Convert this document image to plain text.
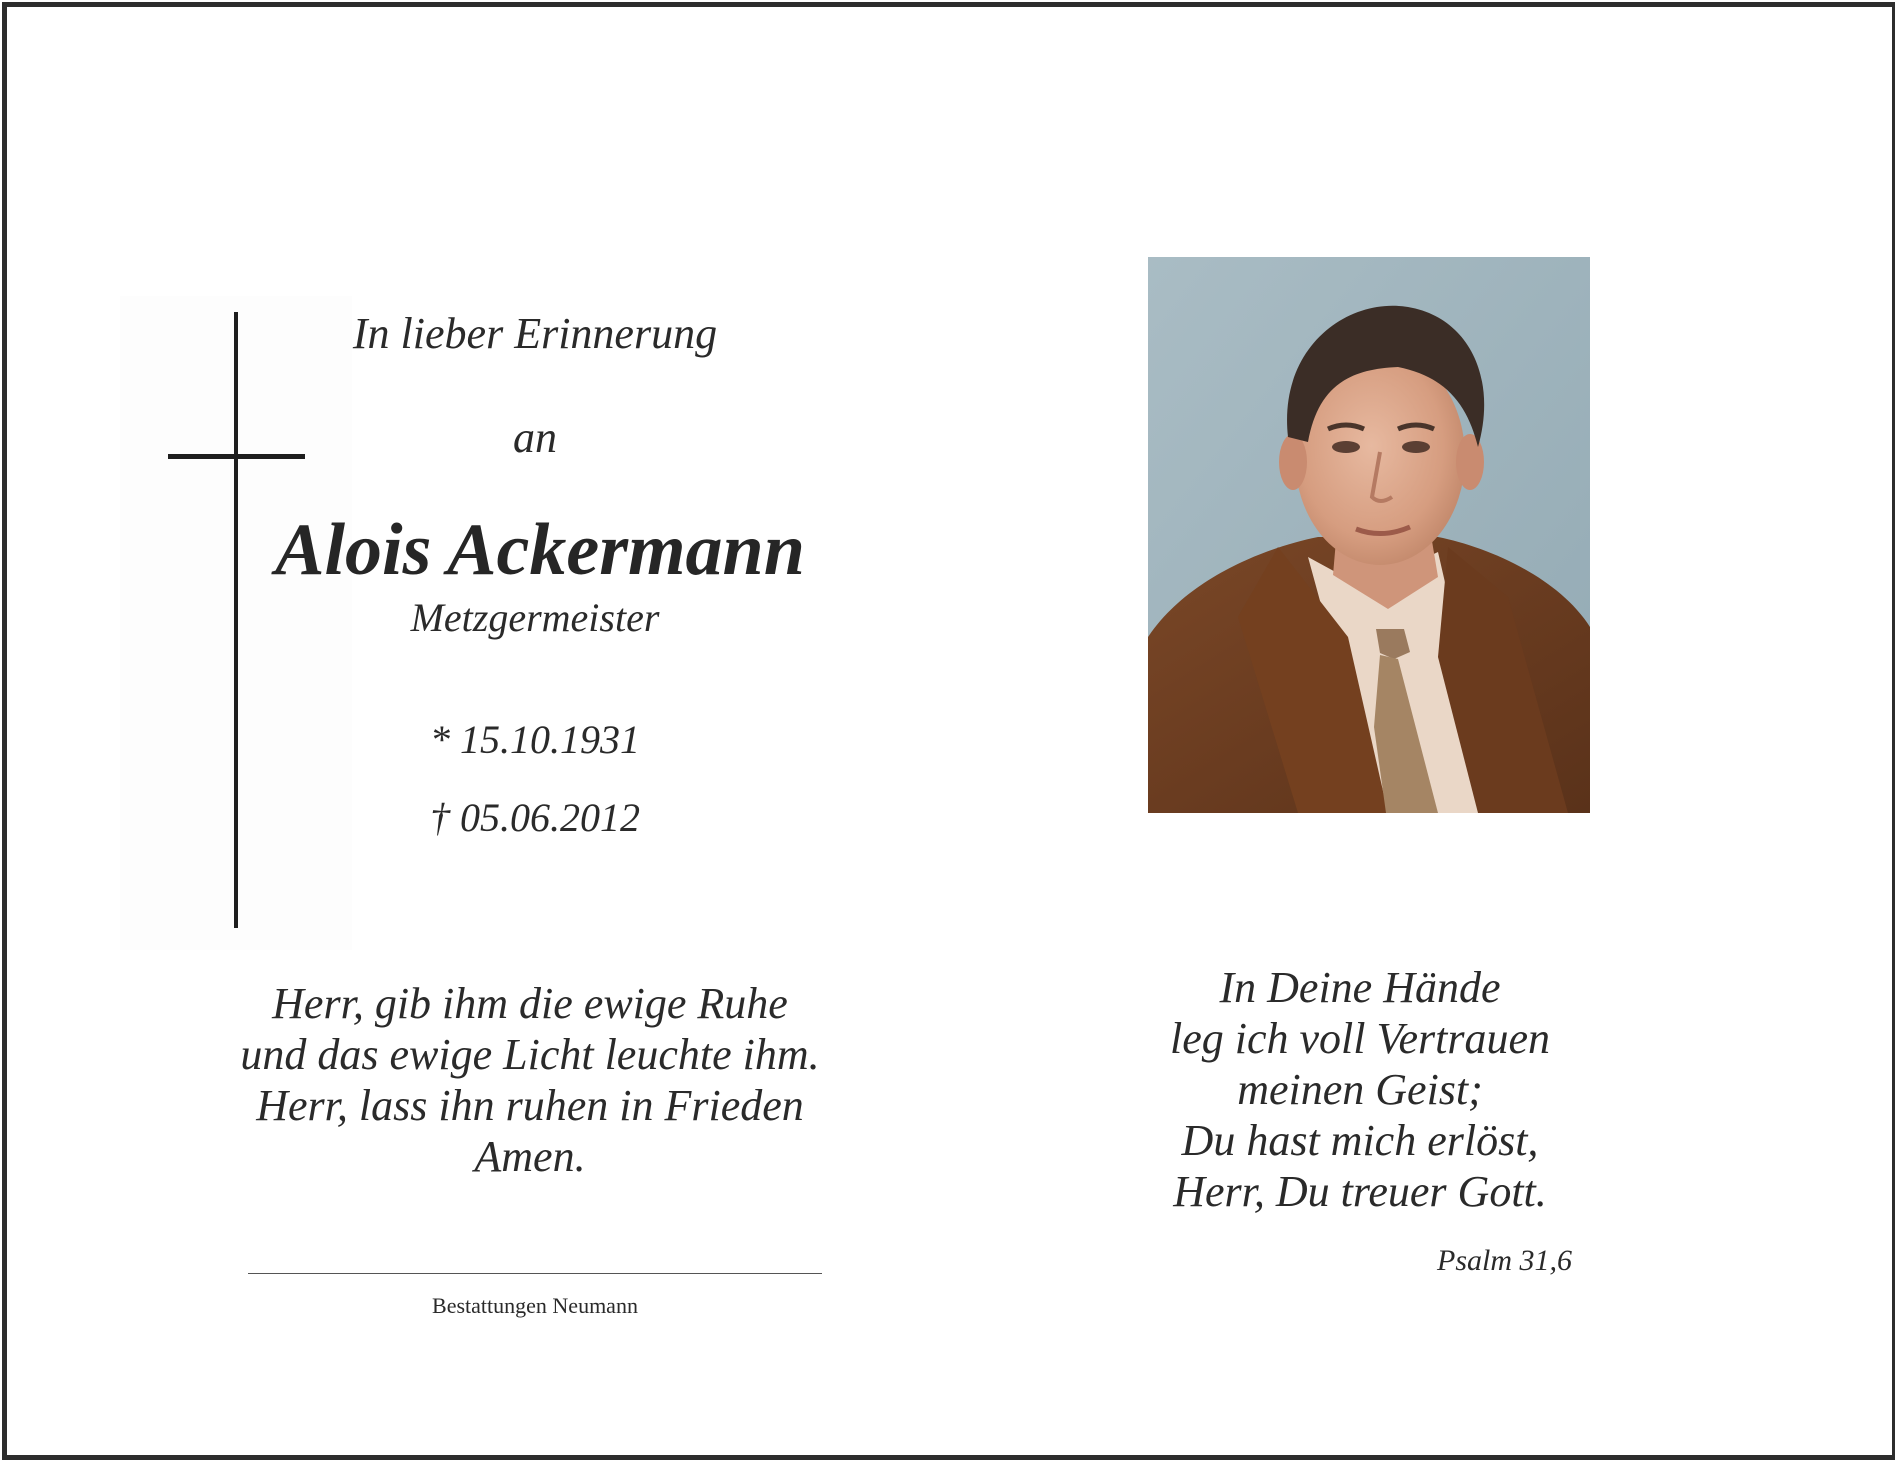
In lieber Erinnerung
an
Alois Ackermann
Metzgermeister
* 15.10.1931
† 05.06.2012
Herr, gib ihm die ewige Ruhe
und das ewige Licht leuchte ihm.
Herr, lass ihn ruhen in Frieden
Amen.
Bestattungen Neumann
In Deine Hände
leg ich voll Vertrauen
meinen Geist;
Du hast mich erlöst,
Herr, Du treuer Gott.
Psalm 31,6
